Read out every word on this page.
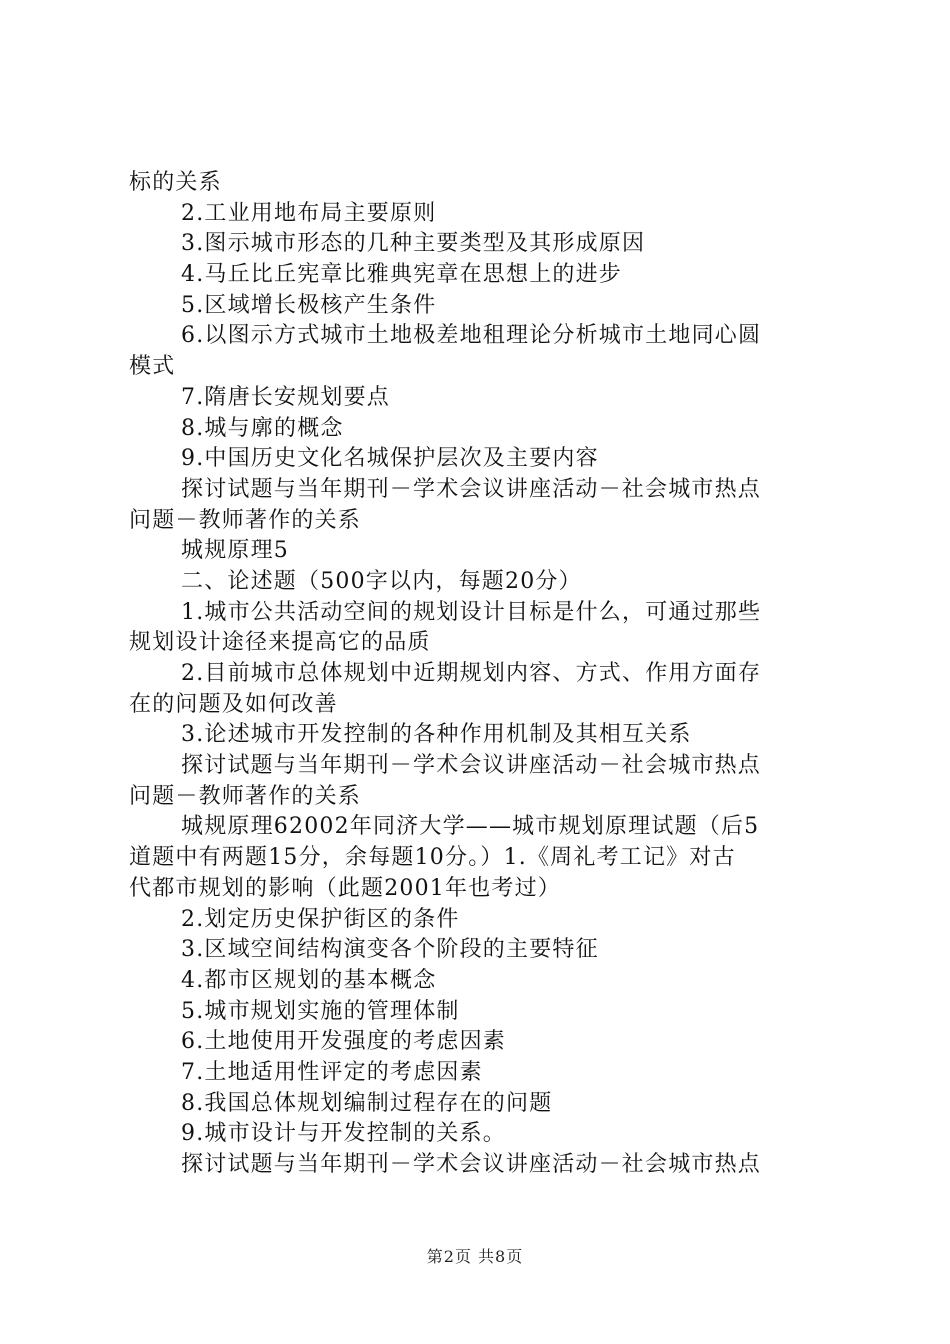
标的关系
2.工业用地布局主要原则
3.图示城市形态的几种主要类型及其形成原因
4.马丘比丘宪章比雅典宪章在思想上的进步
5.区域增长极核产生条件
6.以图示方式城市土地极差地租理论分析城市土地同心圆
模式
7.隋唐长安规划要点
8.城与廓的概念
9.中国历史文化名城保护层次及主要内容
探讨试题与当年期刊－学术会议讲座活动－社会城市热点
问题－教师著作的关系
城规原理5
二、论述题（500字以内，每题20分）
1.城市公共活动空间的规划设计目标是什么，可通过那些
规划设计途径来提高它的品质
2.目前城市总体规划中近期规划内容、方式、作用方面存
在的问题及如何改善
3.论述城市开发控制的各种作用机制及其相互关系
探讨试题与当年期刊－学术会议讲座活动－社会城市热点
问题－教师著作的关系
城规原理62002年同济大学——城市规划原理试题（后5
道题中有两题15分，余每题10分。）1.《周礼考工记》对古
代都市规划的影响（此题2001年也考过）
2.划定历史保护街区的条件
3.区域空间结构演变各个阶段的主要特征
4.都市区规划的基本概念
5.城市规划实施的管理体制
6.土地使用开发强度的考虑因素
7.土地适用性评定的考虑因素
8.我国总体规划编制过程存在的问题
9.城市设计与开发控制的关系。
探讨试题与当年期刊－学术会议讲座活动－社会城市热点
第2页 共8页
